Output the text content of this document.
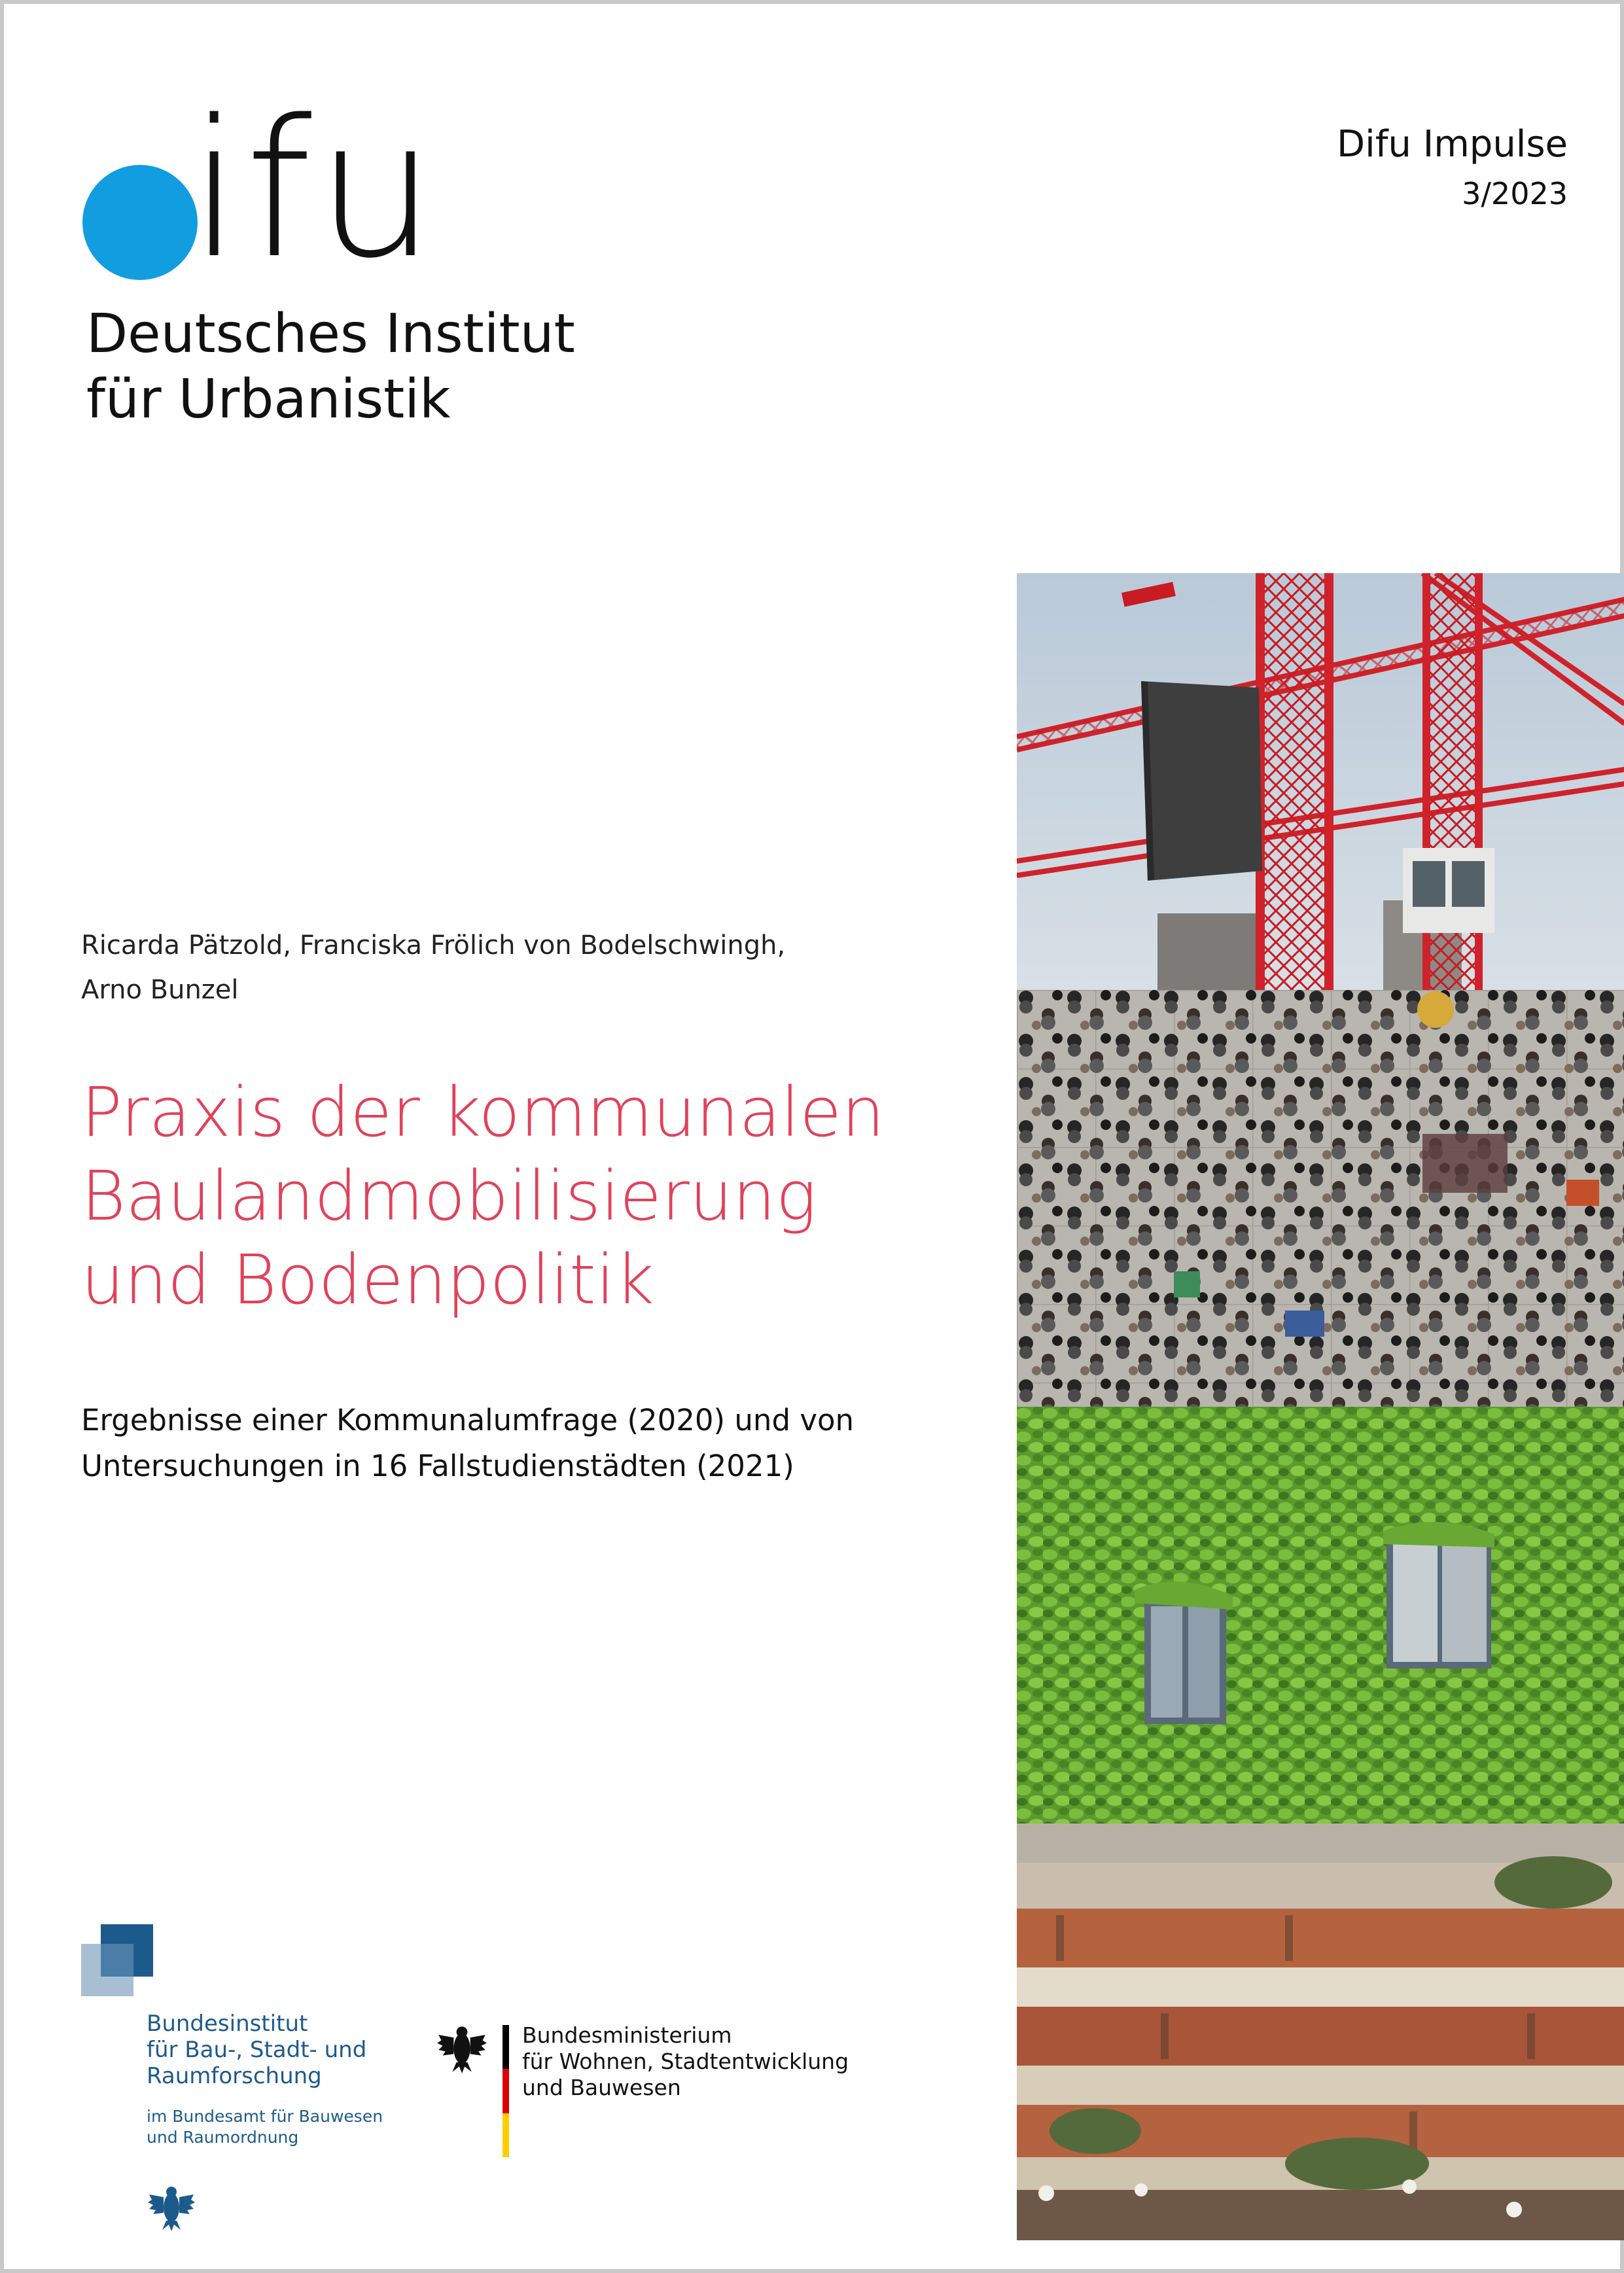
ifu
Deutsches Institut
für Urbanistik
Difu Impulse
3/2023
Ricarda Pätzold, Franciska Frölich von Bodelschwingh,
Arno Bunzel
Praxis der kommunalen
Baulandmobilisierung
und Bodenpolitik
Ergebnisse einer Kommunalumfrage (2020) und von
Untersuchungen in 16 Fallstudienstädten (2021)
Bundesinstitut
für Bau-, Stadt- und
Raumforschung
im Bundesamt für Bauwesen
und Raumordnung
Bundesministerium
für Wohnen, Stadtentwicklung
und Bauwesen
